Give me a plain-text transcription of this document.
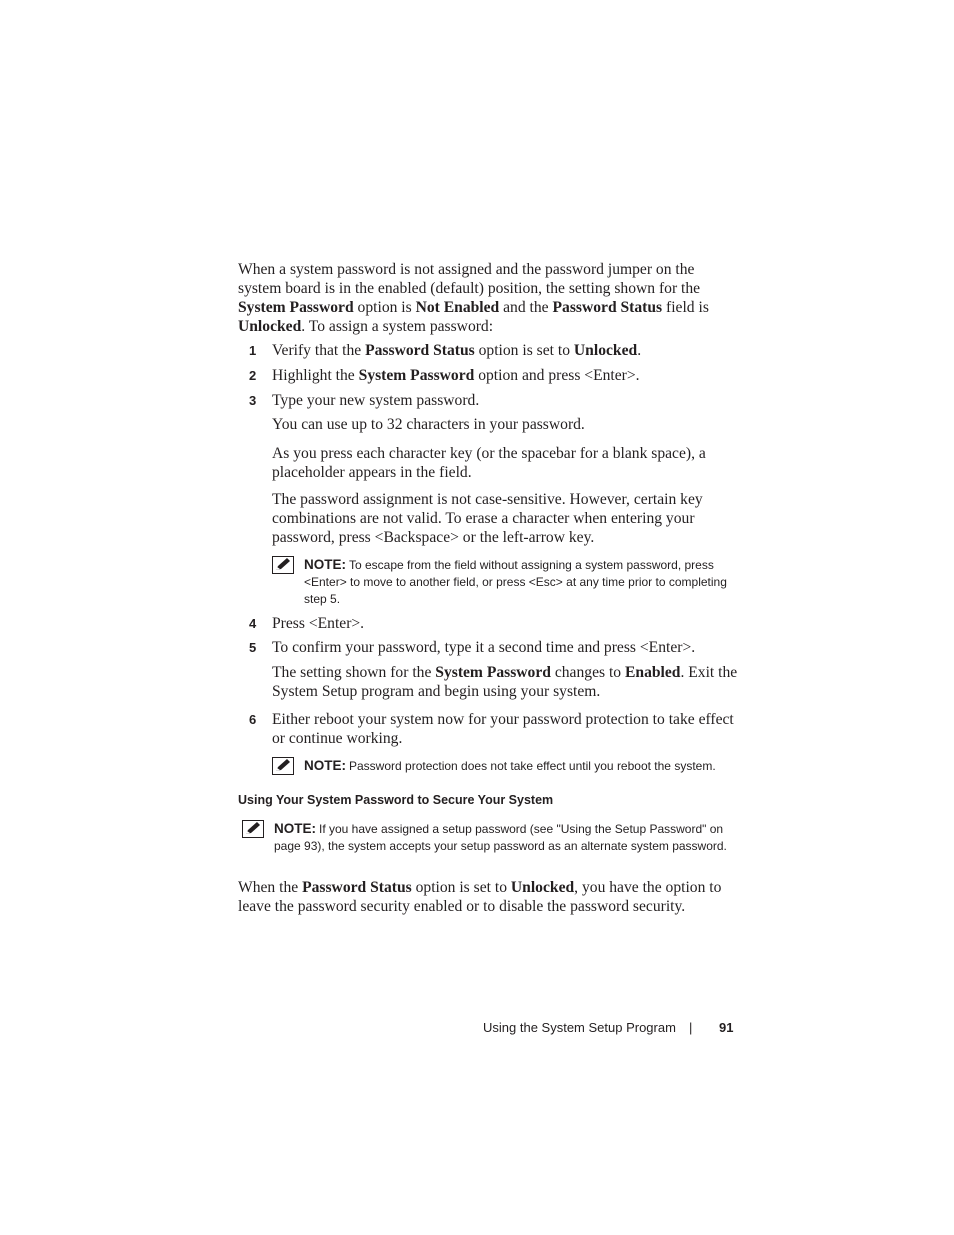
When a system password is not assigned and the password jumper on the system board is in the enabled (default) position, the setting shown for the System Password option is Not Enabled and the Password Status field is Unlocked. To assign a system password:
1 Verify that the Password Status option is set to Unlocked.
2 Highlight the System Password option and press <Enter>.
3 Type your new system password.
You can use up to 32 characters in your password.
As you press each character key (or the spacebar for a blank space), a placeholder appears in the field.
The password assignment is not case-sensitive. However, certain key combinations are not valid. To erase a character when entering your password, press <Backspace> or the left-arrow key.
NOTE: To escape from the field without assigning a system password, press <Enter> to move to another field, or press <Esc> at any time prior to completing step 5.
4 Press <Enter>.
5 To confirm your password, type it a second time and press <Enter>.
The setting shown for the System Password changes to Enabled. Exit the System Setup program and begin using your system.
6 Either reboot your system now for your password protection to take effect or continue working.
NOTE: Password protection does not take effect until you reboot the system.
Using Your System Password to Secure Your System
NOTE: If you have assigned a setup password (see "Using the Setup Password" on page 93), the system accepts your setup password as an alternate system password.
When the Password Status option is set to Unlocked, you have the option to leave the password security enabled or to disable the password security.
Using the System Setup Program | 91
